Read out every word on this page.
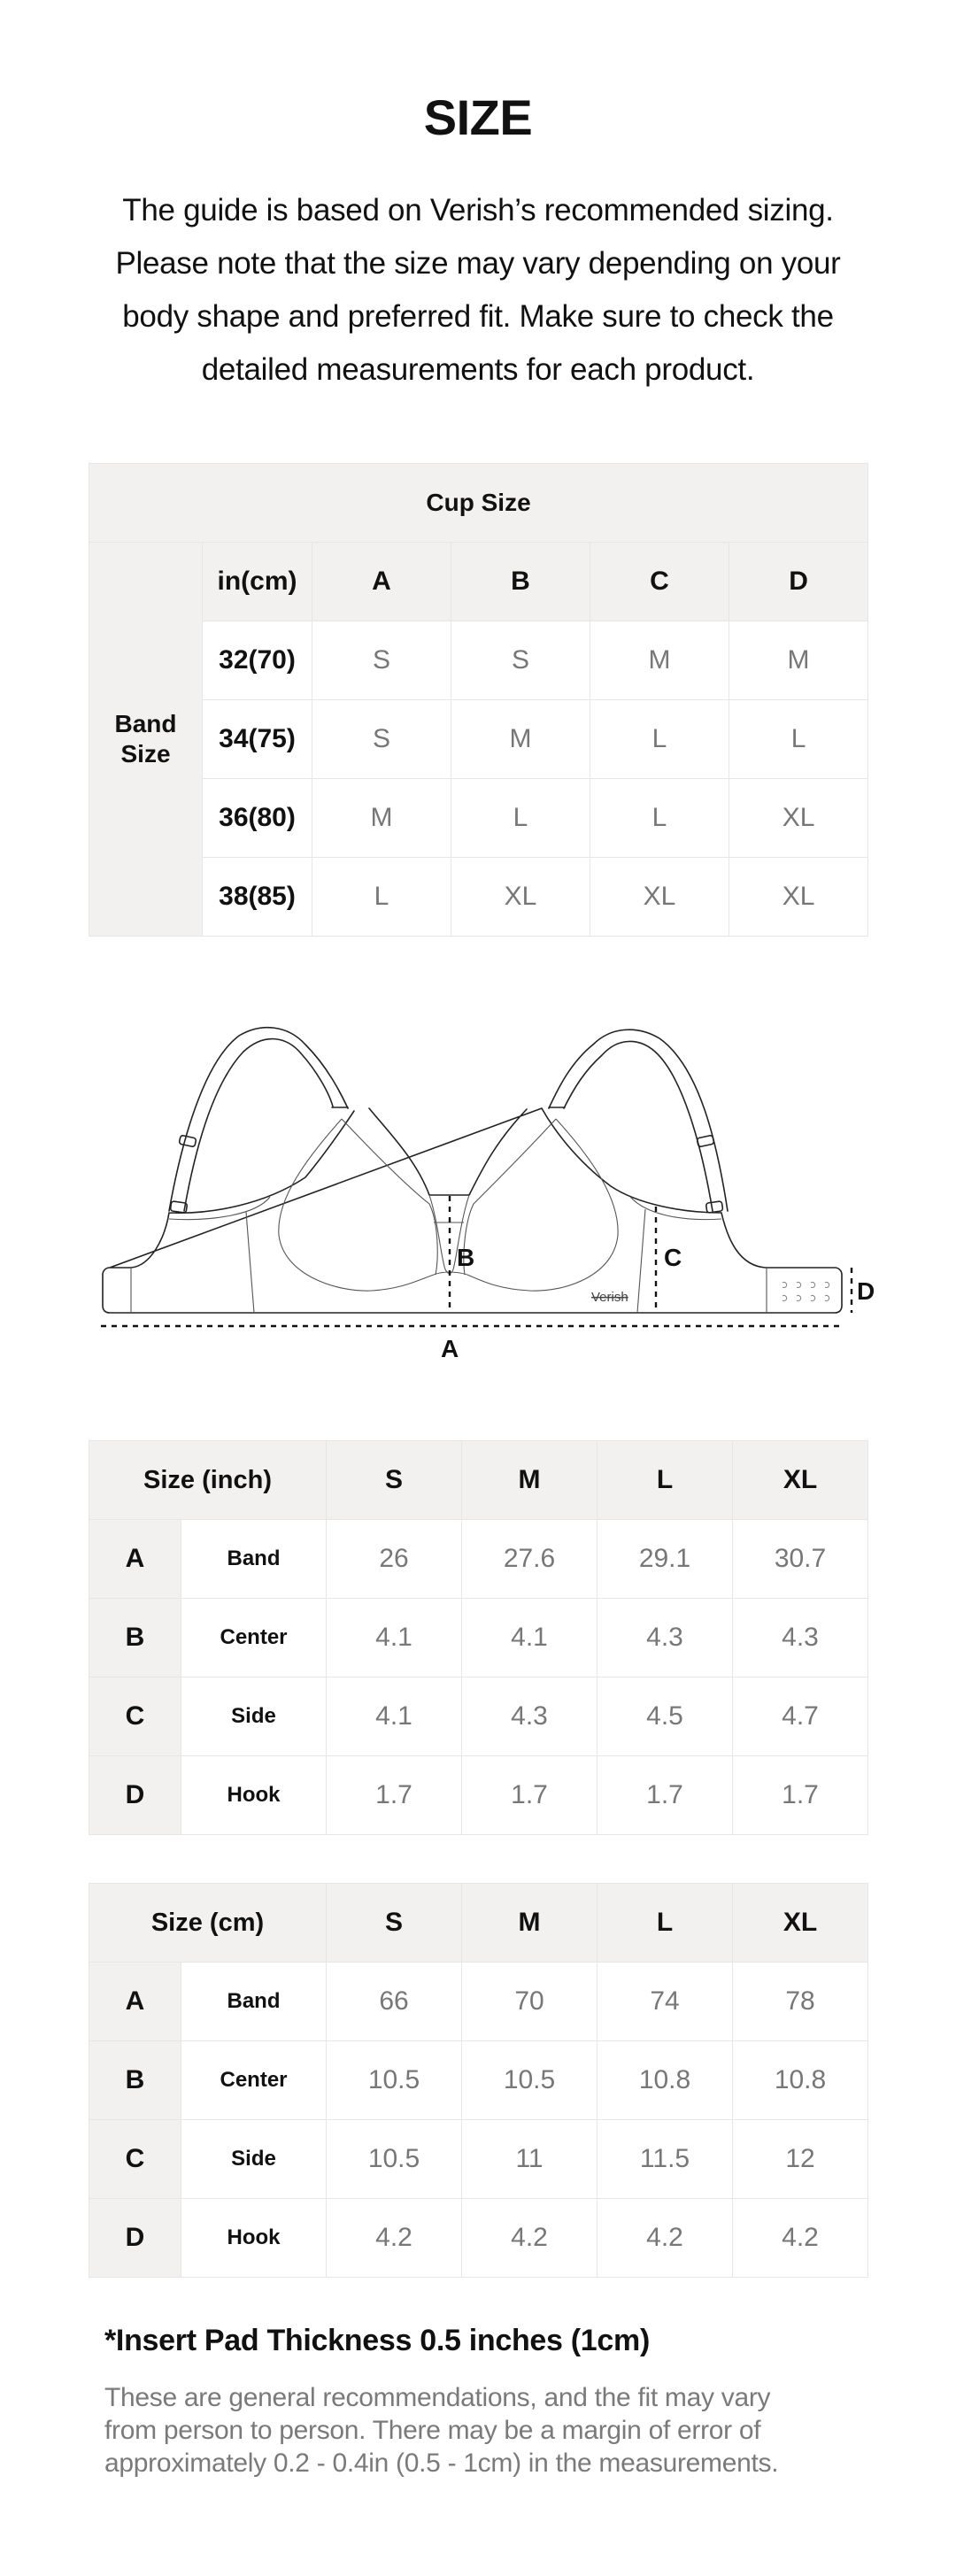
SIZE
The guide is based on Verish’s recommended sizing.
Please note that the size may vary depending on your
body shape and preferred fit. Make sure to check the
detailed measurements for each product.
Cup Size					

Band
Size	in(cm)	A	B	C	D
	32(70)	S	S	M	M
	34(75)	S	M	L	L
	36(80)	M	L	L	XL
	38(85)	L	XL	XL	XL
A
B	C
D
Verish
Size (inch)		S	M	L	XL
A	Band	26	27.6	29.1	30.7
B	Center	4.1	4.1	4.3	4.3
C	Side	4.1	4.3	4.5	4.7
D	Hook	1.7	1.7	1.7	1.7
Size (cm)		S	M	L	XL
A	Band	66	70	74	78
B	Center	10.5	10.5	10.8	10.8
C	Side	10.5	11	11.5	12
D	Hook	4.2	4.2	4.2	4.2
*Insert Pad Thickness 0.5 inches (1cm)
These are general recommendations, and the fit may vary
from person to person. There may be a margin of error of
approximately 0.2 - 0.4in (0.5 - 1cm) in the measurements.
